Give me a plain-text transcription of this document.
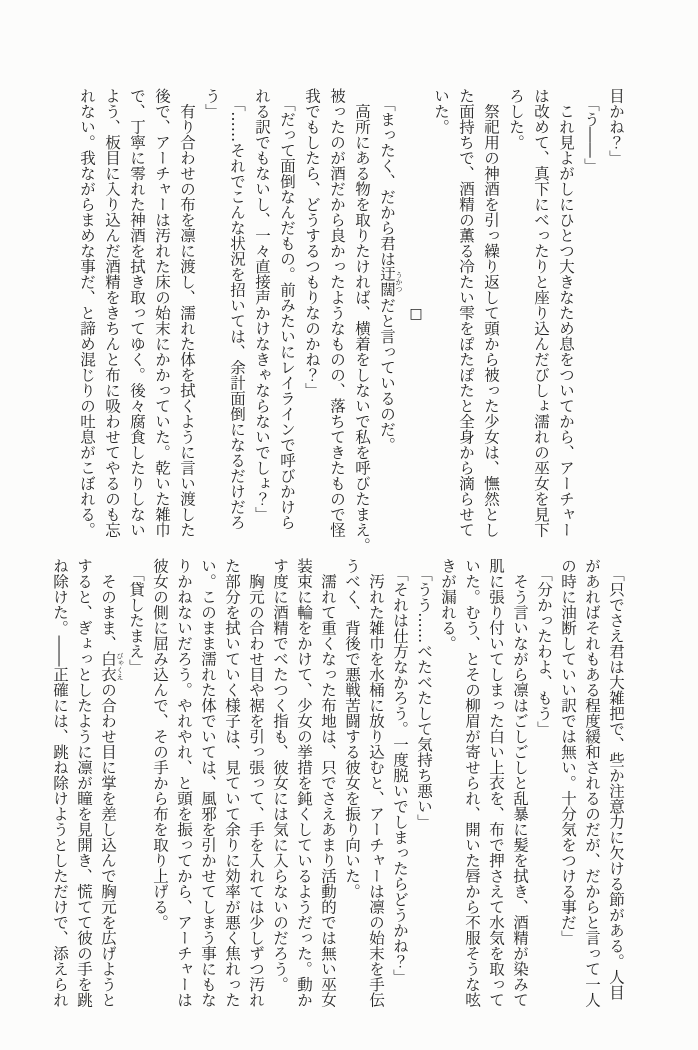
目かね？」
　「う――」
　これ見よがしにひとつ大きなため息をついてから、アーチャー
は改めて、真下にべったりと座り込んだびしょ濡れの巫女を見下
ろした。
　祭祀用の神酒を引っ繰り返して頭から被った少女は、憮然とし
た面持ちで、酒精の薫る冷たい雫をぽたぽたと全身から滴らせて
いた。
□
　「まったく、だから君は迂闊 うかつだと言っているのだ。
　高所にある物を取りたければ、横着をしないで私を呼びたまえ。
被ったのが酒だから良かったようなものの、落ちてきたもので怪
我でもしたら、どうするつもりなのかね？」
　「だって面倒なんだもの。前みたいにレイラインで呼びかけら
れる訳でもないし、一々直接声かけなきゃならないでしょ？」
　「……それでこんな状況を招いては、余計面倒になるだけだろ
う」
　有り合わせの布を凛に渡し、濡れた体を拭くように言い渡した
後で、アーチャーは汚れた床の始末にかかっていた。乾いた雑巾
で、丁寧に零れた神酒を拭き取ってゆく。後々腐食したりしない
よう、板目に入り込んだ酒精をきちんと布に吸わせてやるのも忘
れない。我ながらまめな事だ、と諦め混じりの吐息がこぼれる。
　「只でさえ君は大雑把で、些か注意力に欠ける節がある。人目
があればそれもある程度緩和されるのだが、だからと言って一人
の時に油断していい訳では無い。十分気をつける事だ」
　「分かったわよ、もう」
　そう言いながら凛はごしごしと乱暴に髪を拭き、酒精が染みて
肌に張り付いてしまった白い上衣を、布で押さえて水気を取って
いた。むう、とその柳眉が寄せられ、開いた唇から不服そうな呟
きが漏れる。
　「うう……べたべたして気持ち悪い」
　「それは仕方なかろう。一度脱いでしまったらどうかね？」
　汚れた雑巾を水桶に放り込むと、アーチャーは凛の始末を手伝
うべく、背後で悪戦苦闘する彼女を振り向いた。
　濡れて重くなった布地は、只でさえあまり活動的では無い巫女
装束に輪をかけて、少女の挙措を鈍くしているようだった。動か
す度に酒精でべたつく指も、彼女には気に入らないのだろう。
　胸元の合わせ目や裾を引っ張って、手を入れては少しずつ汚れ
た部分を拭いていく様子は、見ていて余りに効率が悪く焦れった
い。このまま濡れた体でいては、風邪を引かせてしまう事にもな
りかねないだろう。やれやれ、と頭を振ってから、アーチャーは
彼女の側に屈み込んで、その手から布を取り上げる。
　「貸したまえ」
　そのまま、白衣 びゃくえの合わせ目に掌を差し込んで胸元を広げようと
すると、ぎょっとしたように凛が瞳を見開き、慌てて彼の手を跳
ね除けた。――正確には、跳ね除けようとしただけで、添えられ
